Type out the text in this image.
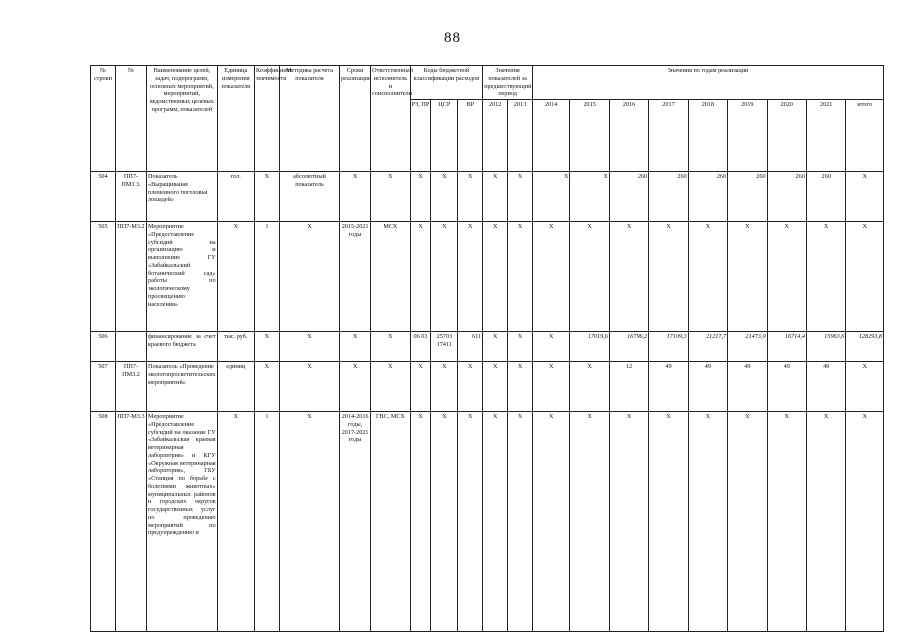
88
№ строки	№	Наименование целей, задач, подпрограмм, основных мероприятий, мероприятий, ведомственных целевых программ, показателей	Единица измерения показателя	Коэффициент значимости	Методика расчета показателя	Сроки реализации	Ответственный исполнитель и соисполнители	Коды бюджетной классификации расходов			Значения показателей за предшествующий период		Значения по годам реализации								
								РЗ, ПР	ЦСР	ВР	2012	2013	2014	2015	2016	2017	2018	2019	2020	2021	итого
504	ПП7-ПМ3.3.	Показатель «Выращивание племенного поголовья лошадей»	гол.	Х	абсолютный показатель	Х	Х	Х	Х	Х	Х	Х	Х	Х	260	260	260	260	260	260	Х
505	ПП7-М3.2	Мероприятие «Предоставление субсидий на организацию и выполнение ГУ «Забайкальский ботанический сад» работы по экологическому просвещению населения»	Х	1	Х	2015-2021 годы	МСХ	Х	Х	Х	Х	Х	Х	Х	Х	Х	Х	Х	Х	Х	Х
506		финансирование за счет краевого бюджета	тыс. руб.	Х	Х	Х	Х	06 03	25703 17411	611	Х	Х	Х	17019,6	16796,2	17109,3	21217,7	21473,0	16714,4	15963,6	128293,8
507	ПП7-ПМ3.2	Показатель «Проведение экологопросветительских мероприятий»	единиц	Х	Х	Х	Х	Х	Х	Х	Х	Х	Х	Х	12	49	49	49	49	49	Х
508	ПП7-М3.3	Мероприятие «Предоставление субсидий на оказание ГУ «Забайкальская краевая ветеринарная лаборатория» и КГУ «Окружная ветеринарная лаборатория», ГБУ «Станция по борьбе с болезнями животных» муниципальных районов и городских округов государственных услуг по проведению мероприятий по предупреждению и	Х	1	Х	2014-2016 годы, 2017-2021 годы	ГВС, МСХ	Х	Х	Х	Х	Х	Х	Х	Х	Х	Х	Х	Х	Х	Х
